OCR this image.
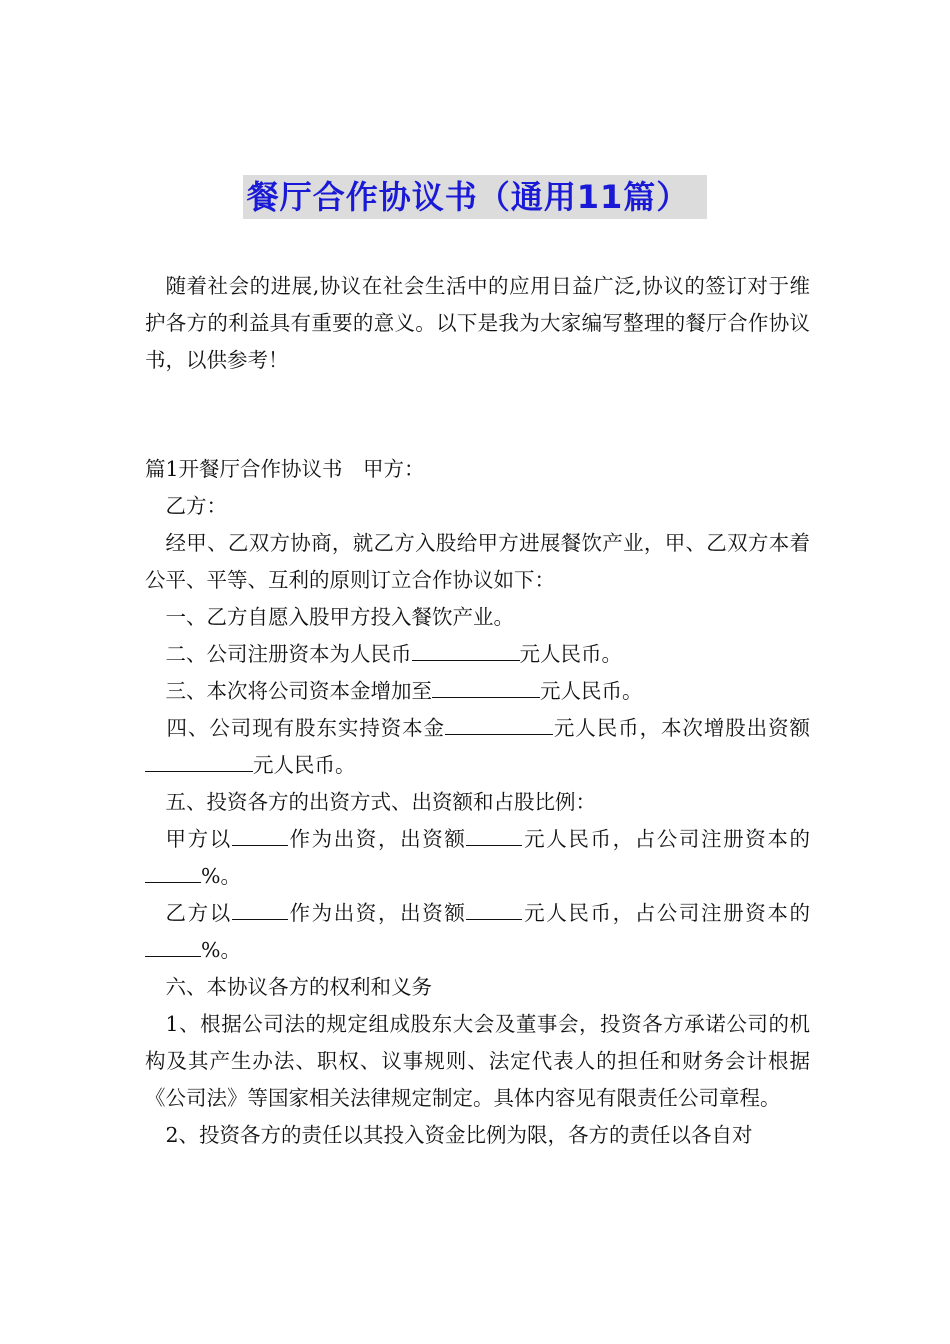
餐厅合作协议书（通用11篇）

随着社会的进展,协议在社会生活中的应用日益广泛,协议的签订对于维护各方的利益具有重要的意义。以下是我为大家编写整理的餐厅合作协议书，以供参考！

篇1开餐厅合作协议书　甲方：

乙方：

经甲、乙双方协商，就乙方入股给甲方进展餐饮产业，甲、乙双方本着公平、平等、互利的原则订立合作协议如下：

一、乙方自愿入股甲方投入餐饮产业。

二、公司注册资本为人民币	元人民币。

三、本次将公司资本金增加至	元人民币。

四、公司现有股东实持资本金	元人民币，本次增股出资额元人民币。

五、投资各方的出资方式、出资额和占股比例：

甲方以	作为出资，出资额	元人民币，占公司注册资本的%。

乙方以	作为出资，出资额	元人民币，占公司注册资本的%。

六、本协议各方的权利和义务

1、根据公司法的规定组成股东大会及董事会，投资各方承诺公司的机构及其产生办法、职权、议事规则、法定代表人的担任和财务会计根据《公司法》等国家相关法律规定制定。具体内容见有限责任公司章程。

2、投资各方的责任以其投入资金比例为限，各方的责任以各自对
